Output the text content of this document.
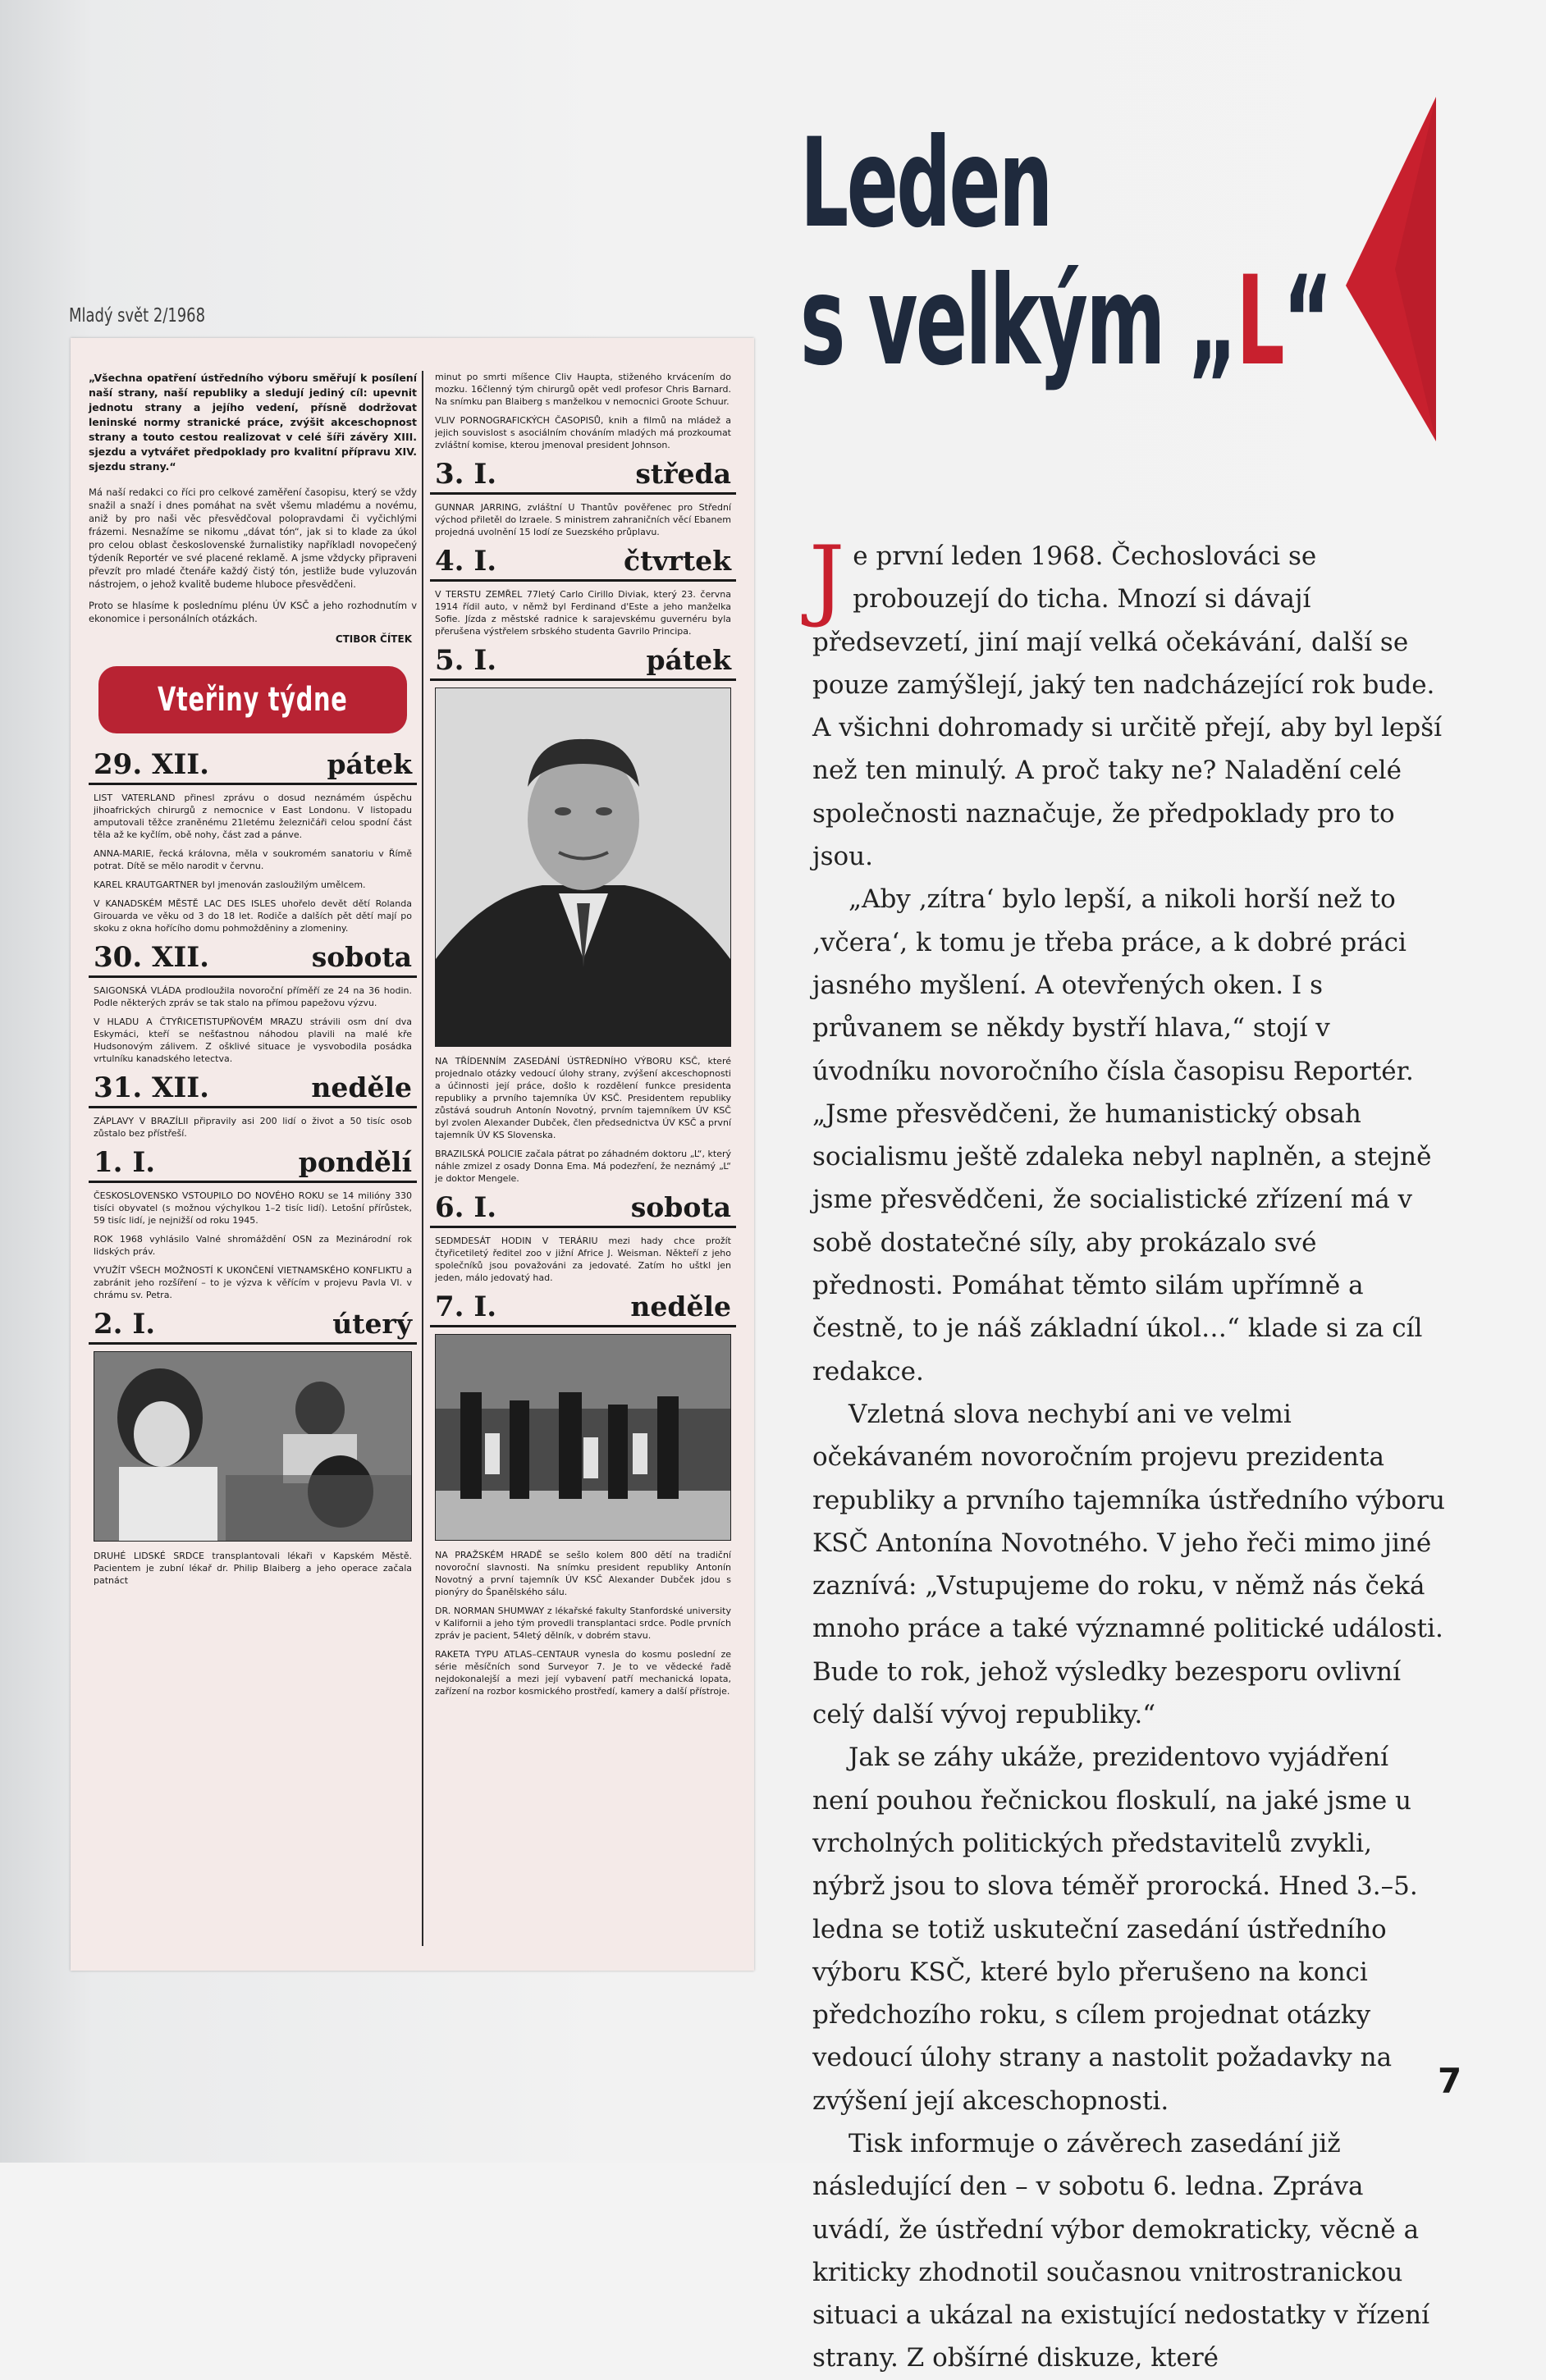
Leden
s velkým „L“
Mladý svět 2/1968

„Všechna opatření ústředního výboru směřují k posílení naší strany, naší republiky a sledují jediný cíl: upevnit jednotu strany a jejího vedení, přísně dodržovat leninské normy stranické práce, zvýšit akceschopnost strany a touto cestou realizovat v celé šíři závěry XIII. sjezdu a vytvářet předpoklady pro kvalitní přípravu XIV. sjezdu strany.“

Má naší redakci co říci pro celkové zaměření časopisu, který se vždy snažil a snaží i dnes pomáhat na svět všemu mladému a novému, aniž by pro naši věc přesvědčoval polopravdami či vyčichlými frázemi. Nesnažíme se nikomu „dávat tón“, jak si to klade za úkol pro celou oblast československé žurnalistiky napříkladI novopečený týdeník Reportér ve své placené reklamě. A jsme vždycky připraveni převzít pro mladé čtenáře každý čistý tón, jestliže bude vyluzován nástrojem, o jehož kvalitě budeme hluboce přesvědčeni.

Proto se hlasíme k poslednímu plénu ÚV KSČ a jeho rozhodnutím v ekonomice i personálních otázkách.

CTIBOR ČÍTEK
Vteřiny týdne
29. XII.	pátek

LIST VATERLAND přinesl zprávu o dosud neznámém úspěchu jihoafrických chirurgů z nemocnice v East Londonu. V listopadu amputovali těžce zraněnému 21letému železničáři celou spodní část těla až ke kyčlím, obě nohy, část zad a pánve.

ANNA-MARIE, řecká královna, měla v soukromém sanatoriu v Římě potrat. Dítě se mělo narodit v červnu.

KAREL KRAUTGARTNER byl jmenován zasloužilým umělcem.

V KANADSKÉM MĚSTĚ LAC DES ISLES uhořelo devět dětí Rolanda Girouarda ve věku od 3 do 18 let. Rodiče a dalších pět dětí mají po skoku z okna hořícího domu pohmožděniny a zlomeniny.

30. XII.	sobota

SAIGONSKÁ VLÁDA prodloužila novoroční příměří ze 24 na 36 hodin. Podle některých zpráv se tak stalo na přímou papežovu výzvu.

V HLADU A ČTYŘICETISTUPŇOVÉM MRAZU strávili osm dní dva Eskymáci, kteří se nešťastnou náhodou plavili na malé kře Hudsonovým zálivem. Z ošklivé situace je vysvobodila posádka vrtulníku kanadského letectva.

31. XII.	neděle

ZÁPLAVY V BRAZÍLII připravily asi 200 lidí o život a 50 tisíc osob zůstalo bez přístřeší.

1. I.	pondělí

ČESKOSLOVENSKO VSTOUPILO DO NOVÉHO ROKU se 14 milióny 330 tisíci obyvatel (s možnou výchylkou 1–2 tisíc lidí). Letošní přírůstek, 59 tisíc lidí, je nejnižší od roku 1945.

ROK 1968 vyhlásilo Valné shromáždění OSN za Mezinárodní rok lidských práv.

VYUŽÍT VŠECH MOŽNOSTÍ K UKONČENÍ VIETNAMSKÉHO KONFLIKTU a zabránit jeho rozšíření – to je výzva k věřícím v projevu Pavla VI. v chrámu sv. Petra.

2. I.	úterý

DRUHÉ LIDSKÉ SRDCE transplantovali lékaři v Kapském Městě. Pacientem je zubní lékař dr. Philip Blaiberg a jeho operace začala patnáct

minut po smrti míšence Cliv Haupta, stiženého krvácením do mozku. 16členný tým chirurgů opět vedl profesor Chris Barnard. Na snímku pan Blaiberg s manželkou v nemocnici Groote Schuur.

VLIV PORNOGRAFICKÝCH ČASOPISŮ, knih a filmů na mládež a jejich souvislost s asociálním chováním mladých má prozkoumat zvláštní komise, kterou jmenoval president Johnson.

3. I.	středa

GUNNAR JARRING, zvláštní U Thantův pověřenec pro Střední východ přiletěl do Izraele. S ministrem zahraničních věcí Ebanem projedná uvolnění 15 lodí ze Suezského průplavu.

4. I.	čtvrtek

V TERSTU ZEMŘEL 77letý Carlo Cirillo Diviak, který 23. června 1914 řídil auto, v němž byl Ferdinand d'Este a jeho manželka Sofie. Jízda z městské radnice k sarajevskému guvernéru byla přerušena výstřelem srbského studenta Gavrilo Principa.

5. I.	pátek

NA TŘÍDENNÍM ZASEDÁNÍ ÚSTŘEDNÍHO VÝBORU KSČ, které projednalo otázky vedoucí úlohy strany, zvýšení akceschopnosti a účinnosti její práce, došlo k rozdělení funkce presidenta republiky a prvního tajemníka ÚV KSČ. Presidentem republiky zůstává soudruh Antonín Novotný, prvním tajemníkem ÚV KSČ byl zvolen Alexander Dubček, člen předsednictva ÚV KSČ a první tajemník ÚV KS Slovenska.

BRAZILSKÁ POLICIE začala pátrat po záhadném doktoru „L“, který náhle zmizel z osady Donna Ema. Má podezření, že neznámý „L“ je doktor Mengele.

6. I.	sobota

SEDMDESÁT HODIN V TERÁRIU mezi hady chce prožít čtyřicetiletý ředitel zoo v jižní Africe J. Weisman. Někteří z jeho společníků jsou považováni za jedovaté. Zatím ho uštkl jen jeden, málo jedovatý had.

7. I.	neděle

NA PRAŽSKÉM HRADĚ se sešlo kolem 800 dětí na tradiční novoroční slavnosti. Na snímku president republiky Antonín Novotný a první tajemník ÚV KSČ Alexander Dubček jdou s pionýry do Španělského sálu.

DR. NORMAN SHUMWAY z lékařské fakulty Stanfordské university v Kalifornii a jeho tým provedli transplantaci srdce. Podle prvních zpráv je pacient, 54letý dělník, v dobrém stavu.

RAKETA TYPU ATLAS–CENTAUR vynesla do kosmu poslední ze série měsíčních sond Surveyor 7. Je to ve vědecké řadě nejdokonalejší a mezi její vybavení patří mechanická lopata, zařízení na rozbor kosmického prostředí, kamery a další přístroje.

Je první leden 1968. Čechoslováci se probouzejí do ticha. Mnozí si dávají předsevzetí, jiní mají velká očekávání, další se pouze zamýšlejí, jaký ten nadcházející rok bude. A všichni dohromady si určitě přejí, aby byl lepší než ten minulý. A proč taky ne? Naladění celé společnosti naznačuje, že předpoklady pro to jsou.

„Aby ‚zítra‘ bylo lepší, a nikoli horší než to ‚včera‘, k tomu je třeba práce, a k dobré práci jasného myšlení. A otevřených oken. I s průvanem se někdy bystří hlava,“ stojí v úvodníku novoročního čísla časopisu Reportér. „Jsme přesvědčeni, že humanistický obsah socialismu ještě zdaleka nebyl naplněn, a stejně jsme přesvědčeni, že socialistické zřízení má v sobě dostatečné síly, aby prokázalo své přednosti. Pomáhat těmto silám upřímně a čestně, to je náš základní úkol…“ klade si za cíl redakce.

Vzletná slova nechybí ani ve velmi očekávaném novoročním projevu prezidenta republiky a prvního tajemníka ústředního výboru KSČ Antonína Novotného. V jeho řeči mimo jiné zaznívá: „Vstupujeme do roku, v němž nás čeká mnoho práce a také významné politické události. Bude to rok, jehož výsledky bezesporu ovlivní celý další vývoj republiky.“

Jak se záhy ukáže, prezidentovo vyjádření není pouhou řečnickou floskulí, na jaké jsme u vrcholných politických představitelů zvykli, nýbrž jsou to slova téměř prorocká. Hned 3.–5. ledna se totiž uskuteční zasedání ústředního výboru KSČ, které bylo přerušeno na konci předchozího roku, s cílem projednat otázky vedoucí úlohy strany a nastolit požadavky na zvýšení její akceschopnosti.

Tisk informuje o závěrech zasedání již následující den – v sobotu 6. ledna. Zpráva uvádí, že ústřední výbor demokraticky, věcně a kriticky zhodnotil současnou vnitrostranickou situaci a ukázal na existující nedostatky v řízení strany. Z obšírné diskuze, které

7
